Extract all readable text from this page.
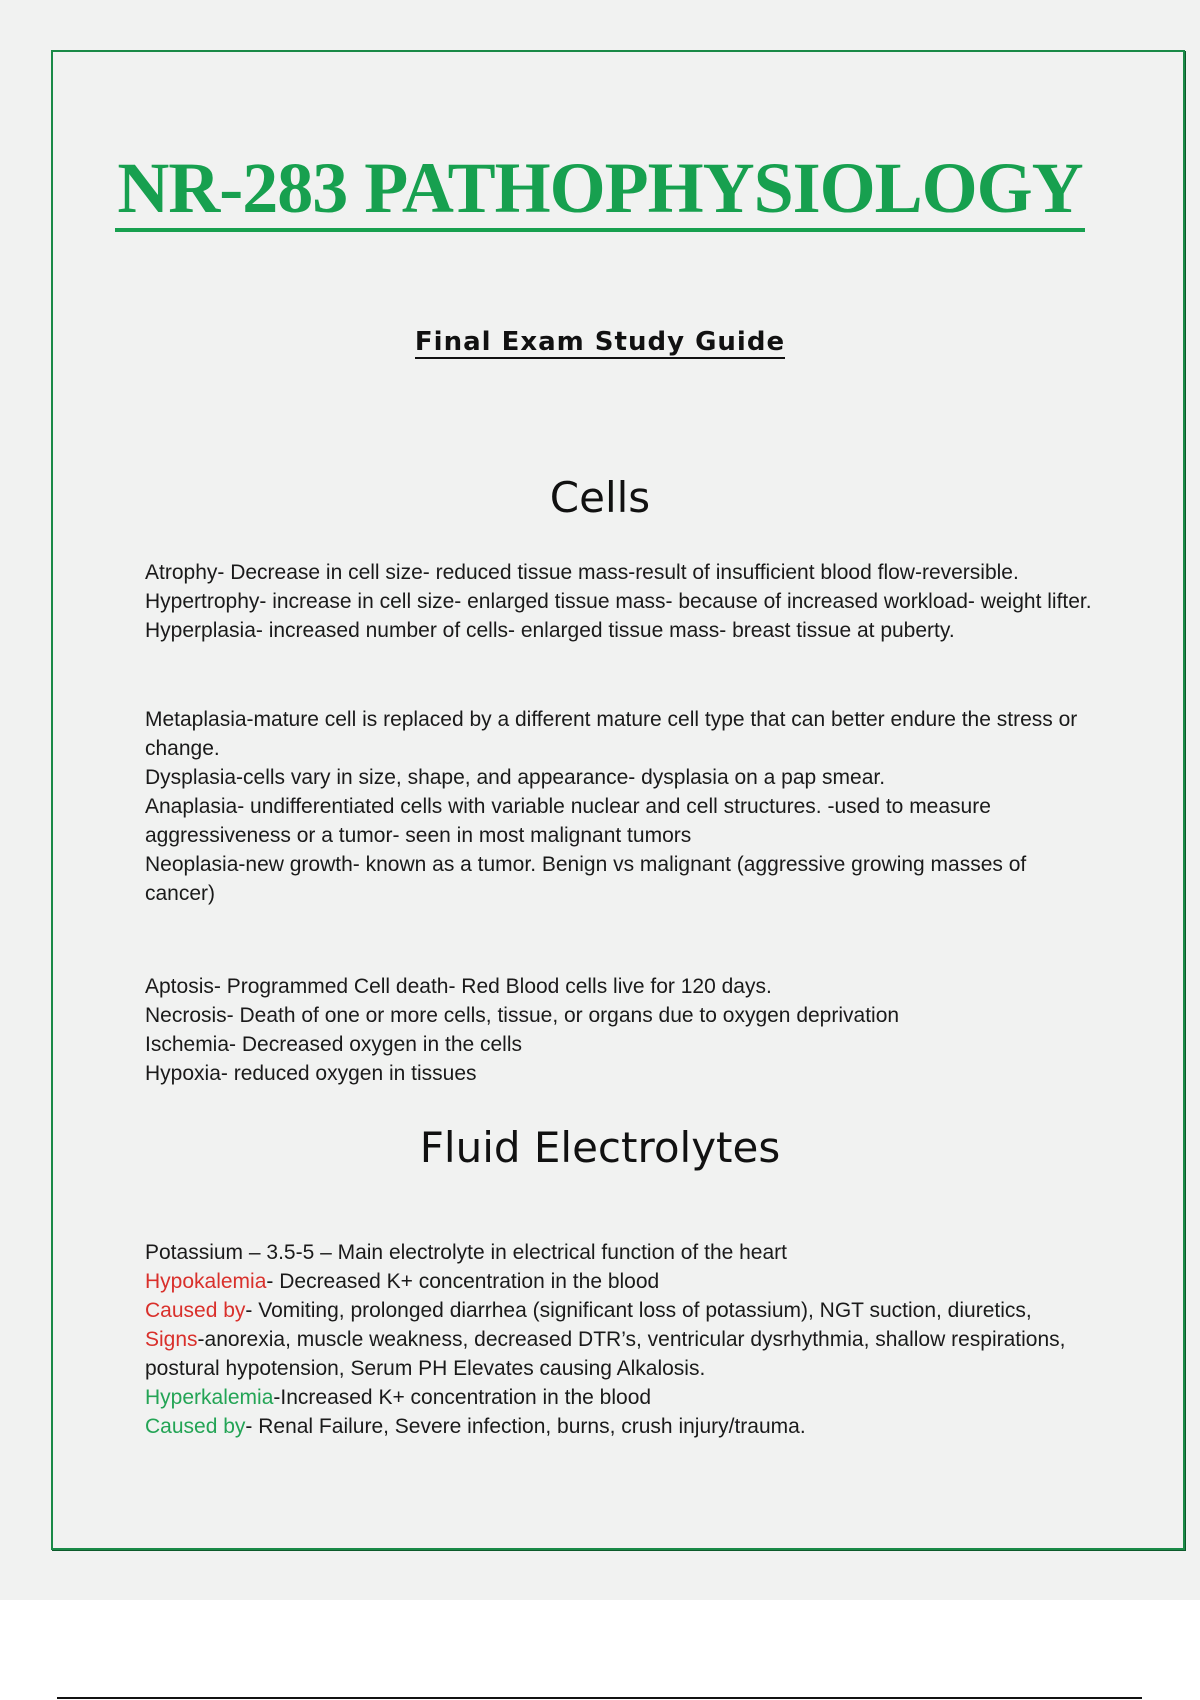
NR-283 PATHOPHYSIOLOGY
Final Exam Study Guide
Cells

Atrophy- Decrease in cell size- reduced tissue mass-result of insufficient blood flow-reversible.

Hypertrophy- increase in cell size- enlarged tissue mass- because of increased workload- weight lifter.

Hyperplasia- increased number of cells- enlarged tissue mass- breast tissue at puberty.

Metaplasia-mature cell is replaced by a different mature cell type that can better endure the stress or change.

Dysplasia-cells vary in size, shape, and appearance- dysplasia on a pap smear.

Anaplasia- undifferentiated cells with variable nuclear and cell structures. -used to measure aggressiveness or a tumor- seen in most malignant tumors

Neoplasia-new growth- known as a tumor. Benign vs malignant (aggressive growing masses of cancer)

Aptosis- Programmed Cell death- Red Blood cells live for 120 days.

Necrosis- Death of one or more cells, tissue, or organs due to oxygen deprivation

Ischemia- Decreased oxygen in the cells

Hypoxia- reduced oxygen in tissues

Fluid Electrolytes

Potassium – 3.5-5 – Main electrolyte in electrical function of the heart

Hypokalemia- Decreased K+ concentration in the blood

Caused by- Vomiting, prolonged diarrhea (significant loss of potassium), NGT suction, diuretics,

Signs-anorexia, muscle weakness, decreased DTR’s, ventricular dysrhythmia, shallow respirations, postural hypotension, Serum PH Elevates causing Alkalosis.

Hyperkalemia-Increased K+ concentration in the blood

Caused by- Renal Failure, Severe infection, burns, crush injury/trauma.
